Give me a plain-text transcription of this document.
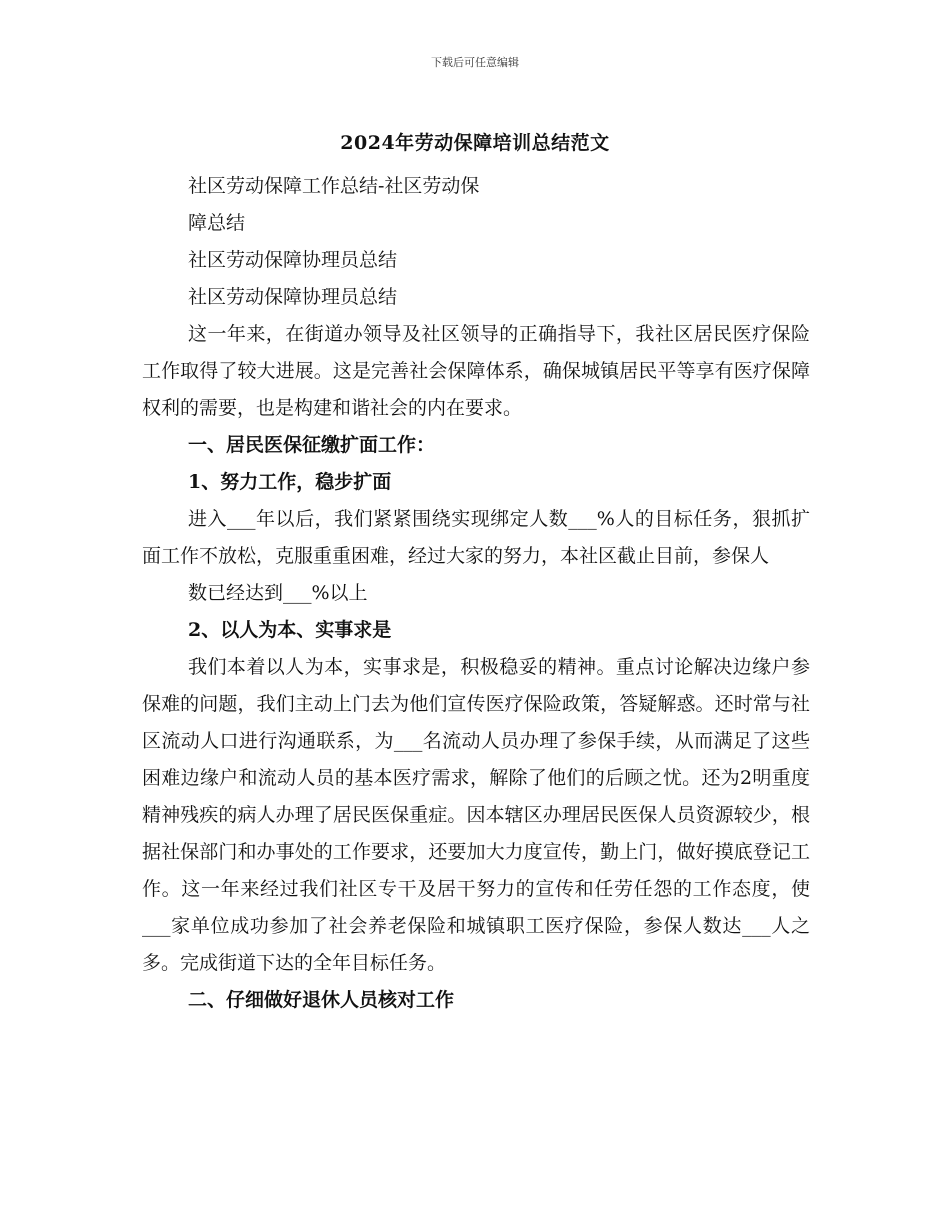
下载后可任意编辑
2024年劳动保障培训总结范文

社区劳动保障工作总结-社区劳动保

障总结

社区劳动保障协理员总结

社区劳动保障协理员总结

这一年来，在街道办领导及社区领导的正确指导下，我社区居民医疗保险工作取得了较大进展。这是完善社会保障体系，确保城镇居民平等享有医疗保障权利的需要，也是构建和谐社会的内在要求。

一、居民医保征缴扩面工作：

1、努力工作，稳步扩面

进入___年以后，我们紧紧围绕实现绑定人数___%人的目标任务，狠抓扩面工作不放松，克服重重困难，经过大家的努力，本社区截止目前，参保人

数已经达到___%以上

2、以人为本、实事求是

我们本着以人为本，实事求是，积极稳妥的精神。重点讨论解决边缘户参保难的问题，我们主动上门去为他们宣传医疗保险政策，答疑解惑。还时常与社区流动人口进行沟通联系，为___名流动人员办理了参保手续，从而满足了这些困难边缘户和流动人员的基本医疗需求，解除了他们的后顾之忧。还为2明重度精神残疾的病人办理了居民医保重症。因本辖区办理居民医保人员资源较少，根据社保部门和办事处的工作要求，还要加大力度宣传，勤上门，做好摸底登记工作。这一年来经过我们社区专干及居干努力的宣传和任劳任怨的工作态度，使___家单位成功参加了社会养老保险和城镇职工医疗保险，参保人数达___人之多。完成街道下达的全年目标任务。

二、仔细做好退休人员核对工作
